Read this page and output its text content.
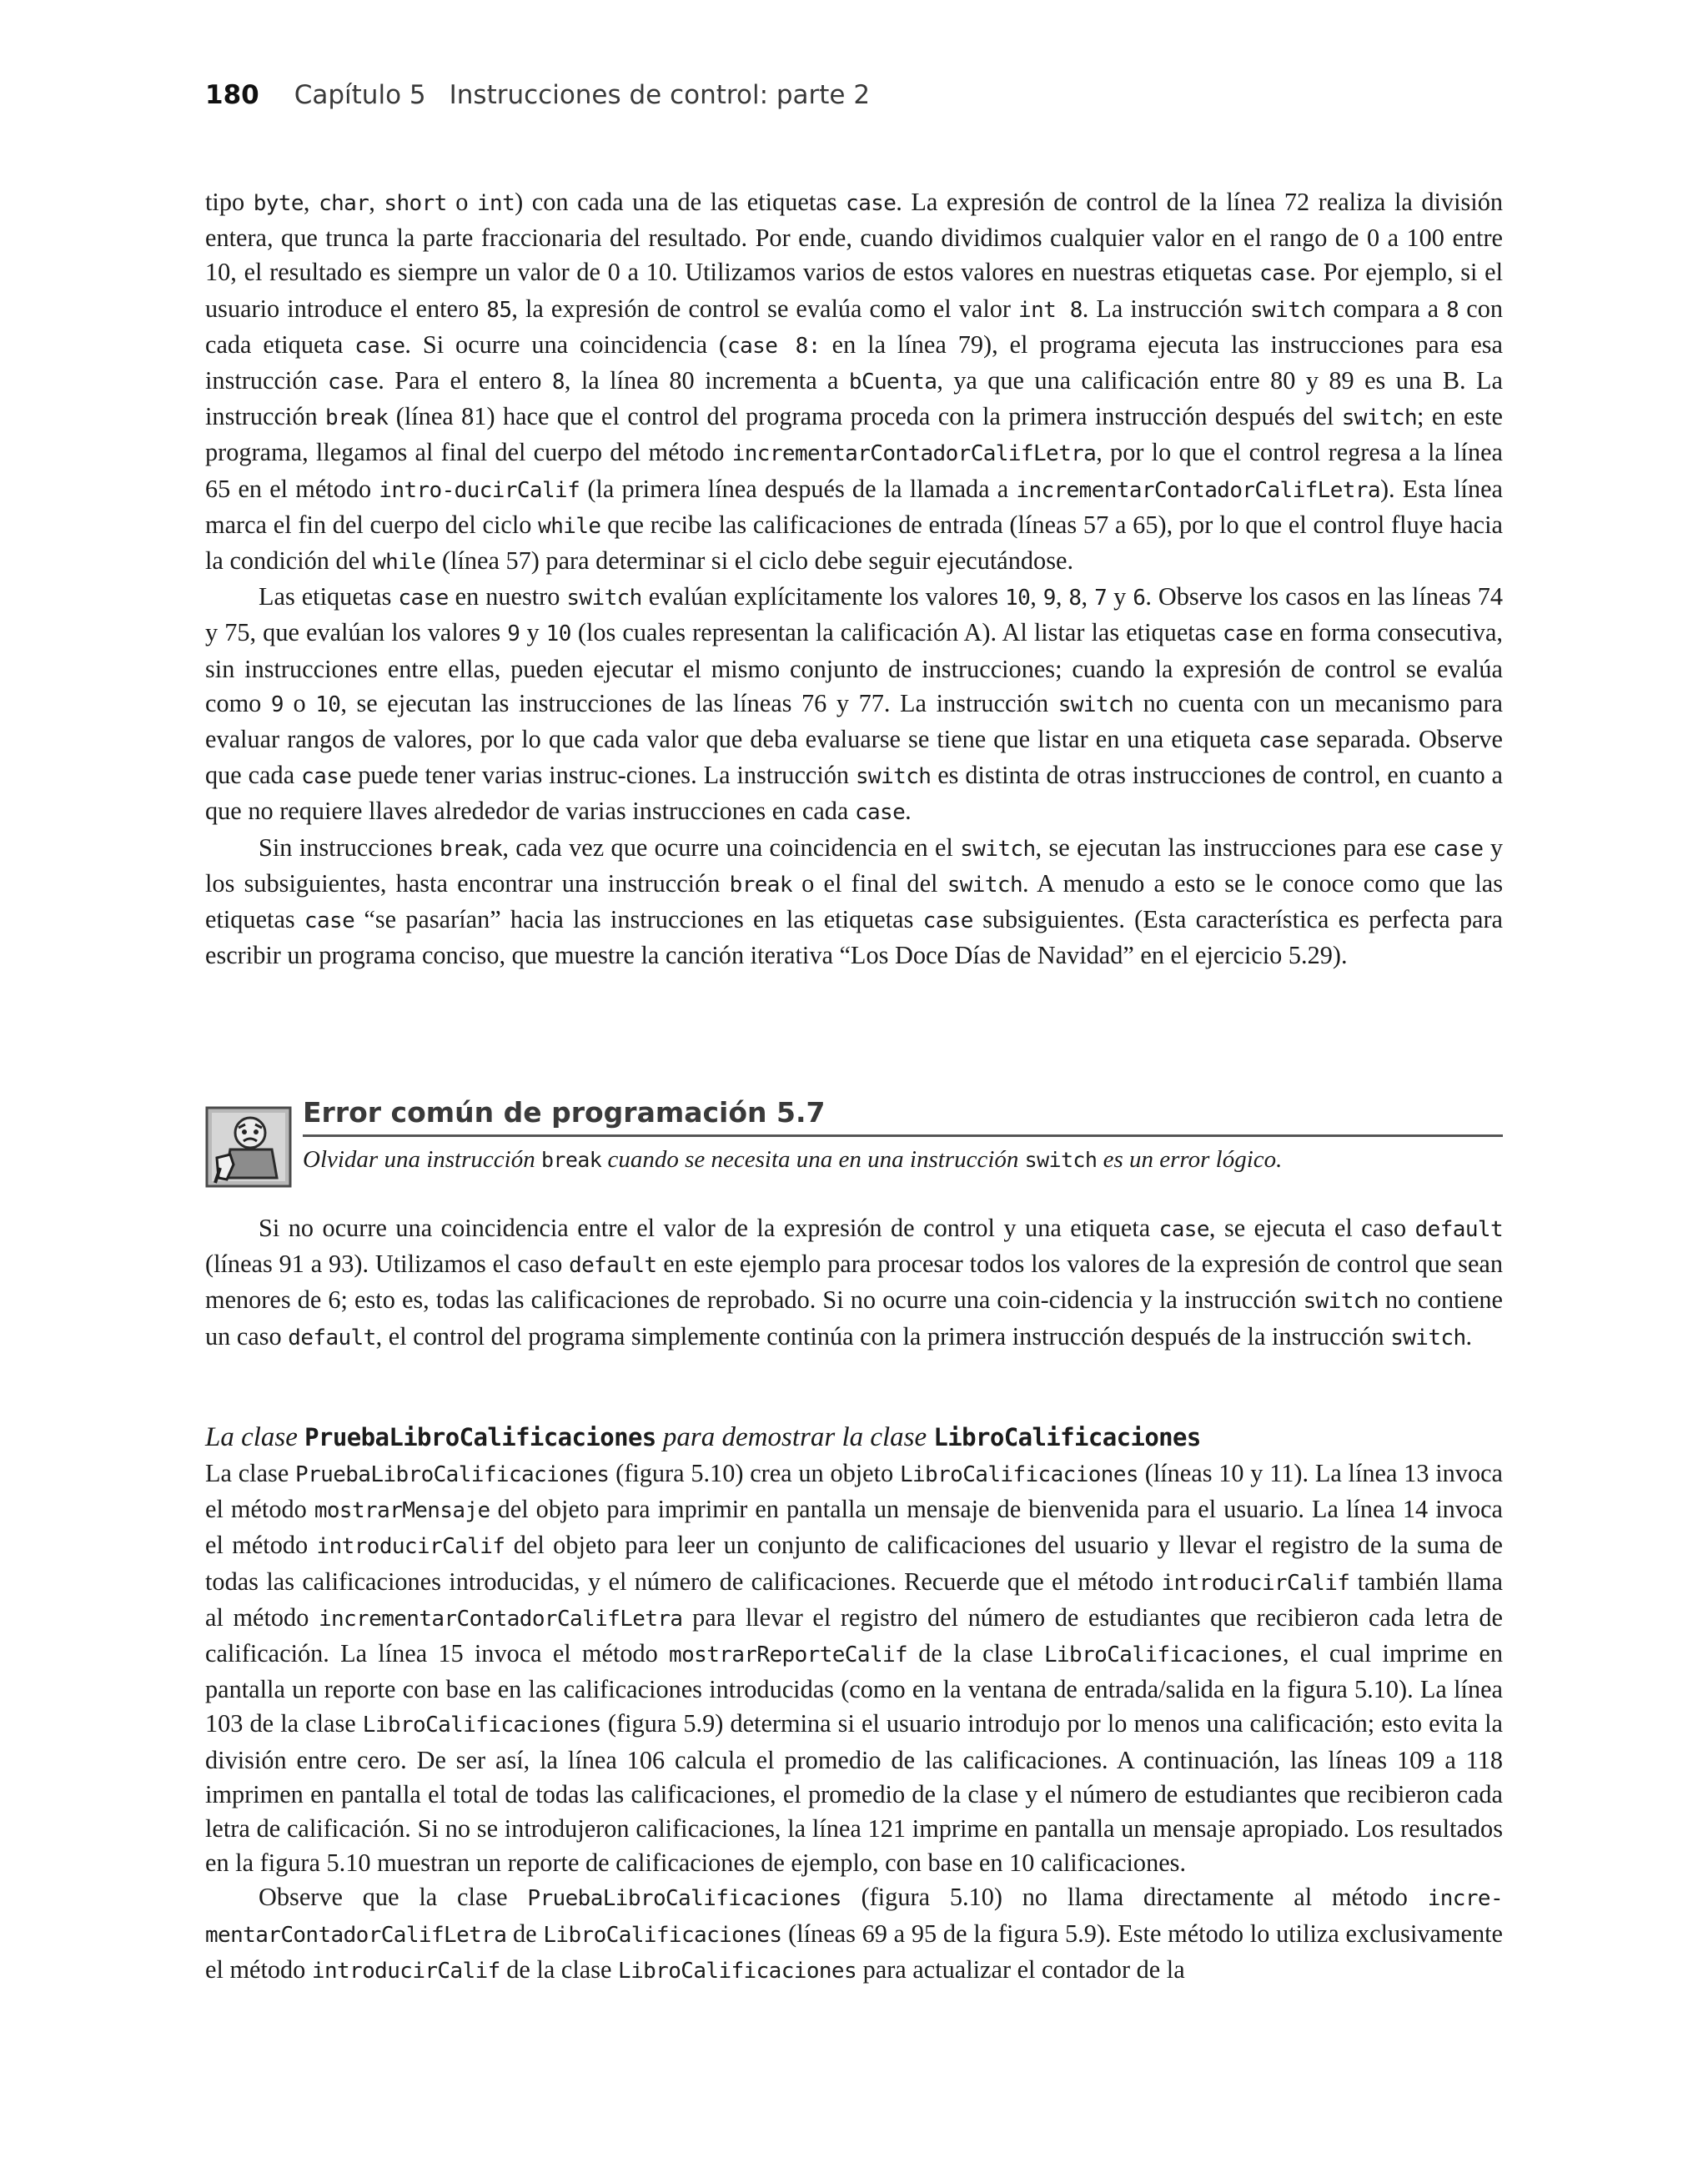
180 Capítulo 5 Instrucciones de control: parte 2

tipo byte, char, short o int) con cada una de las etiquetas case. La expresión de control de la línea 72 realiza la división entera, que trunca la parte fraccionaria del resultado. Por ende, cuando dividimos cualquier valor en el rango de 0 a 100 entre 10, el resultado es siempre un valor de 0 a 10. Utilizamos varios de estos valores en nuestras etiquetas case. Por ejemplo, si el usuario introduce el entero 85, la expresión de control se evalúa como el valor int 8. La instrucción switch compara a 8 con cada etiqueta case. Si ocurre una coincidencia (case 8: en la línea 79), el programa ejecuta las instrucciones para esa instrucción case. Para el entero 8, la línea 80 incrementa a bCuenta, ya que una calificación entre 80 y 89 es una B. La instrucción break (línea 81) hace que el control del programa proceda con la primera instrucción después del switch; en este programa, llegamos al final del cuerpo del método incrementarContadorCalifLetra, por lo que el control regresa a la línea 65 en el método intro-ducirCalif (la primera línea después de la llamada a incrementarContadorCalifLetra). Esta línea marca el fin del cuerpo del ciclo while que recibe las calificaciones de entrada (líneas 57 a 65), por lo que el control fluye hacia la condición del while (línea 57) para determinar si el ciclo debe seguir ejecutándose.

Las etiquetas case en nuestro switch evalúan explícitamente los valores 10, 9, 8, 7 y 6. Observe los casos en las líneas 74 y 75, que evalúan los valores 9 y 10 (los cuales representan la calificación A). Al listar las etiquetas case en forma consecutiva, sin instrucciones entre ellas, pueden ejecutar el mismo conjunto de instrucciones; cuando la expresión de control se evalúa como 9 o 10, se ejecutan las instrucciones de las líneas 76 y 77. La instrucción switch no cuenta con un mecanismo para evaluar rangos de valores, por lo que cada valor que deba evaluarse se tiene que listar en una etiqueta case separada. Observe que cada case puede tener varias instruc-ciones. La instrucción switch es distinta de otras instrucciones de control, en cuanto a que no requiere llaves alrededor de varias instrucciones en cada case.

Sin instrucciones break, cada vez que ocurre una coincidencia en el switch, se ejecutan las instrucciones para ese case y los subsiguientes, hasta encontrar una instrucción break o el final del switch. A menudo a esto se le conoce como que las etiquetas case “se pasarían” hacia las instrucciones en las etiquetas case subsiguientes. (Esta característica es perfecta para escribir un programa conciso, que muestre la canción iterativa “Los Doce Días de Navidad” en el ejercicio 5.29).

Error común de programación 5.7
Olvidar una instrucción break cuando se necesita una en una instrucción switch es un error lógico.

Si no ocurre una coincidencia entre el valor de la expresión de control y una etiqueta case, se ejecuta el caso default (líneas 91 a 93). Utilizamos el caso default en este ejemplo para procesar todos los valores de la expresión de control que sean menores de 6; esto es, todas las calificaciones de reprobado. Si no ocurre una coin-cidencia y la instrucción switch no contiene un caso default, el control del programa simplemente continúa con la primera instrucción después de la instrucción switch.

La clase PruebaLibroCalificaciones para demostrar la clase LibroCalificaciones

La clase PruebaLibroCalificaciones (figura 5.10) crea un objeto LibroCalificaciones (líneas 10 y 11). La línea 13 invoca el método mostrarMensaje del objeto para imprimir en pantalla un mensaje de bienvenida para el usuario. La línea 14 invoca el método introducirCalif del objeto para leer un conjunto de calificaciones del usuario y llevar el registro de la suma de todas las calificaciones introducidas, y el número de calificaciones. Recuerde que el método introducirCalif también llama al método incrementarContadorCalifLetra para llevar el registro del número de estudiantes que recibieron cada letra de calificación. La línea 15 invoca el método mostrarReporteCalif de la clase LibroCalificaciones, el cual imprime en pantalla un reporte con base en las calificaciones introducidas (como en la ventana de entrada/salida en la figura 5.10). La línea 103 de la clase LibroCalificaciones (figura 5.9) determina si el usuario introdujo por lo menos una calificación; esto evita la división entre cero. De ser así, la línea 106 calcula el promedio de las calificaciones. A continuación, las líneas 109 a 118 imprimen en pantalla el total de todas las calificaciones, el promedio de la clase y el número de estudiantes que recibieron cada letra de calificación. Si no se introdujeron calificaciones, la línea 121 imprime en pantalla un mensaje apropiado. Los resultados en la figura 5.10 muestran un reporte de calificaciones de ejemplo, con base en 10 calificaciones.

Observe que la clase PruebaLibroCalificaciones (figura 5.10) no llama directamente al método incre-mentarContadorCalifLetra de LibroCalificaciones (líneas 69 a 95 de la figura 5.9). Este método lo utiliza exclusivamente el método introducirCalif de la clase LibroCalificaciones para actualizar el contador de la
